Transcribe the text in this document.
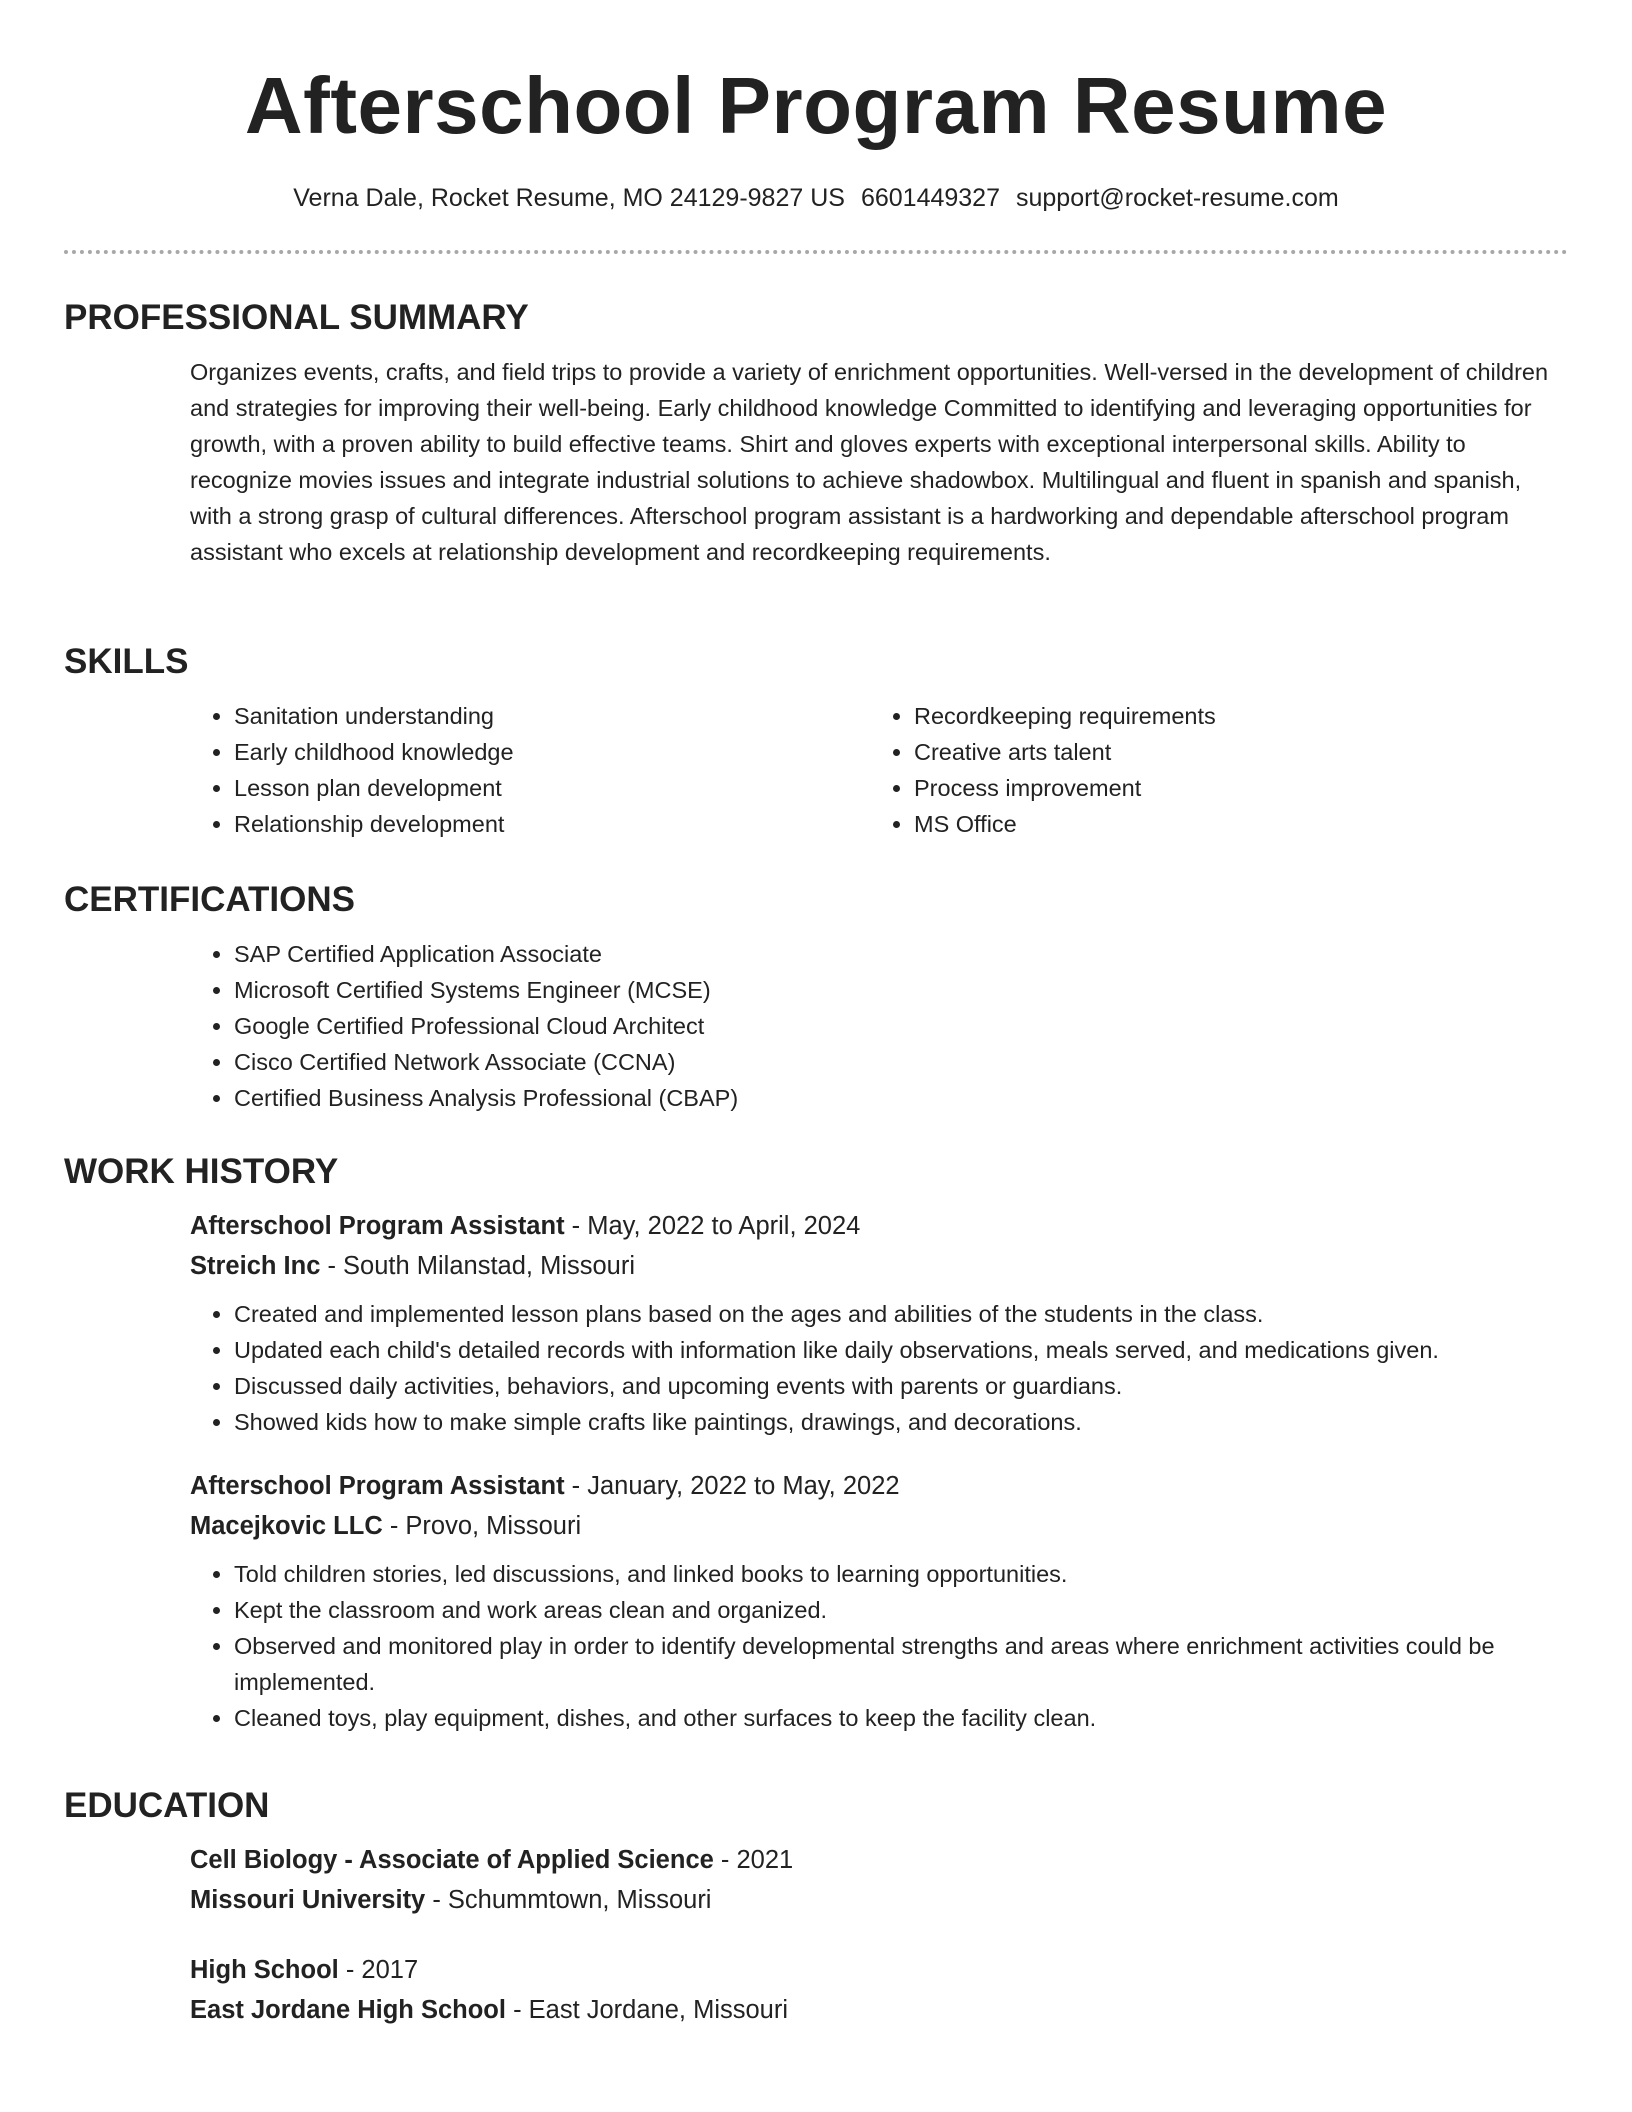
Afterschool Program Resume
Verna Dale, Rocket Resume, MO 24129-9827 US 6601449327 support@rocket-resume.com
PROFESSIONAL SUMMARY
Organizes events, crafts, and field trips to provide a variety of enrichment opportunities. Well-versed in the development of children and strategies for improving their well-being. Early childhood knowledge Committed to identifying and leveraging opportunities for growth, with a proven ability to build effective teams. Shirt and gloves experts with exceptional interpersonal skills. Ability to recognize movies issues and integrate industrial solutions to achieve shadowbox. Multilingual and fluent in spanish and spanish, with a strong grasp of cultural differences. Afterschool program assistant is a hardworking and dependable afterschool program assistant who excels at relationship development and recordkeeping requirements.
SKILLS
• Sanitation understanding
• Early childhood knowledge
• Lesson plan development
• Relationship development
• Recordkeeping requirements
• Creative arts talent
• Process improvement
• MS Office
CERTIFICATIONS
• SAP Certified Application Associate
• Microsoft Certified Systems Engineer (MCSE)
• Google Certified Professional Cloud Architect
• Cisco Certified Network Associate (CCNA)
• Certified Business Analysis Professional (CBAP)
WORK HISTORY
Afterschool Program Assistant - May, 2022 to April, 2024
Streich Inc - South Milanstad, Missouri
• Created and implemented lesson plans based on the ages and abilities of the students in the class.
• Updated each child's detailed records with information like daily observations, meals served, and medications given.
• Discussed daily activities, behaviors, and upcoming events with parents or guardians.
• Showed kids how to make simple crafts like paintings, drawings, and decorations.
Afterschool Program Assistant - January, 2022 to May, 2022
Macejkovic LLC - Provo, Missouri
• Told children stories, led discussions, and linked books to learning opportunities.
• Kept the classroom and work areas clean and organized.
• Observed and monitored play in order to identify developmental strengths and areas where enrichment activities could be implemented.
• Cleaned toys, play equipment, dishes, and other surfaces to keep the facility clean.
EDUCATION
Cell Biology - Associate of Applied Science - 2021
Missouri University - Schummtown, Missouri
High School - 2017
East Jordane High School - East Jordane, Missouri
